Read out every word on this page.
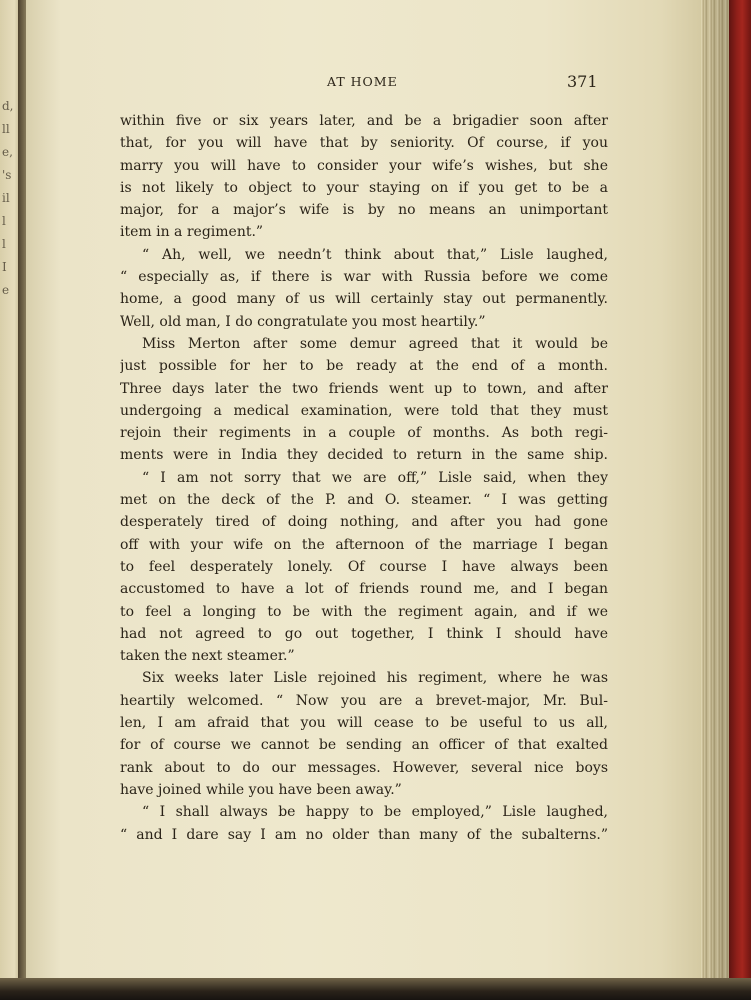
d,
ll
e,
's
il
l
l
I
e
AT HOME	371
within five or six years later, and be a brigadier soon after
that, for you will have that by seniority. Of course, if you
marry you will have to consider your wife’s wishes, but she
is not likely to object to your staying on if you get to be a
major, for a major’s wife is by no means an unimportant
item in a regiment.”
“ Ah, well, we needn’t think about that,” Lisle laughed,
“ especially as, if there is war with Russia before we come
home, a good many of us will certainly stay out permanently.
Well, old man, I do congratulate you most heartily.”
Miss Merton after some demur agreed that it would be
just possible for her to be ready at the end of a month.
Three days later the two friends went up to town, and after
undergoing a medical examination, were told that they must
rejoin their regiments in a couple of months. As both regi-
ments were in India they decided to return in the same ship.
“ I am not sorry that we are off,” Lisle said, when they
met on the deck of the P. and O. steamer. “ I was getting
desperately tired of doing nothing, and after you had gone
off with your wife on the afternoon of the marriage I began
to feel desperately lonely. Of course I have always been
accustomed to have a lot of friends round me, and I began
to feel a longing to be with the regiment again, and if we
had not agreed to go out together, I think I should have
taken the next steamer.”
Six weeks later Lisle rejoined his regiment, where he was
heartily welcomed. “ Now you are a brevet-major, Mr. Bul-
len, I am afraid that you will cease to be useful to us all,
for of course we cannot be sending an officer of that exalted
rank about to do our messages. However, several nice boys
have joined while you have been away.”
“ I shall always be happy to be employed,” Lisle laughed,
“ and I dare say I am no older than many of the subalterns.”
